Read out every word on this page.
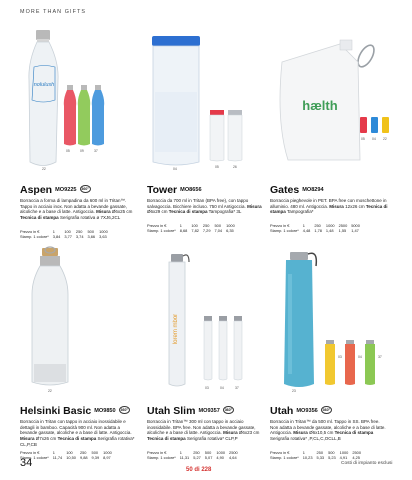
MORE THAN GIFTS
nolulush
05	09	37
22
Aspen MO9225 360°
Borraccia a forma di lampadina da 600 ml in Tritan™. Tappo in acciaio inox. Non adatta a bevande gassate, alcoliche e a base di latte. Antigoccia. Misura Ø6x25 cm Tecnica di stampa Serigrafia rotativa ø 7XJ6,2CL
Prezzo in €	1	100	250	500	1000
Stamp. 1 colore*	3,84	3,77	3,74	3,66	3,63
05	26
04
Tower MO8656
Borraccia da 700 ml in Tritan (BPA free), con tappo salvagoccia. Bicchiere incluso. 750 ml Antigoccia. Misura Ø6x29 cm Tecnica di stampa Tampografia* 3L
Prezzo in €	1	100	250	500	1000
Stamp. 1 colore*	8,68	7,82	7,29	7,04	6,35
hælth
05 04 22
Gates MO8294
Borraccia pieghevole in PET. BPA free con moschettone in alluminio. 480 ml. Antigoccia. Misura 12x26 cm Tecnica di stampa Tampografia*
Prezzo in €	1	250	1000	2500	5000
Stamp. 1 colore*	4,48	1,78	1,48	1,55	1,47
22
Helsinki Basic MO9850 360°
Borraccia in Tritan con tappo in acciaio inossidabile e dettagli in bamboo. Capacità 900 ml. Non adatta a bevande gassate, alcoliche e a base di latte. Antigoccia. Misura Ø7x26 cm Tecnica di stampa Serigrafia rotativa* CL,P,CB
Prezzo in €	1	100	250	500	1000
Stamp. 1 colore*	11,74	10,50	9,88	9,39	8,97
lorem mbor
03	04	37
Utah Slim MO9357 360°
Borraccia in Tritan™ 300 ml con tappo in acciaio inossidabile. BPA free. Non adatta a bevande gassate, alcoliche e a base di latte. Antigoccia. Misura Ø6x23 cm Tecnica di stampa Serigrafia rotativa* CLP,P
Prezzo in €	1	250	500	1000	2500
Stamp. 1 colore*	11,31	5,27	5,07	4,90	4,64
03	04	37
23
Utah MO9356 360°
Borraccia in Tritan™ da 500 ml. Tappo in SS. BPA free. Non adatta a bevande gassate, alcoliche e a base di latte. Antigoccia. Misura Ø6x10,5 cm Tecnica di stampa Serigrafia rotativa* ,P,CL,C,OCLL,B
Prezzo in €	1	250	500	1000	2500
Stamp. 1 colore*	10,23	5,33	5,23	4,91	4,25
34
50 di 228
Costi di impianto esclusi
